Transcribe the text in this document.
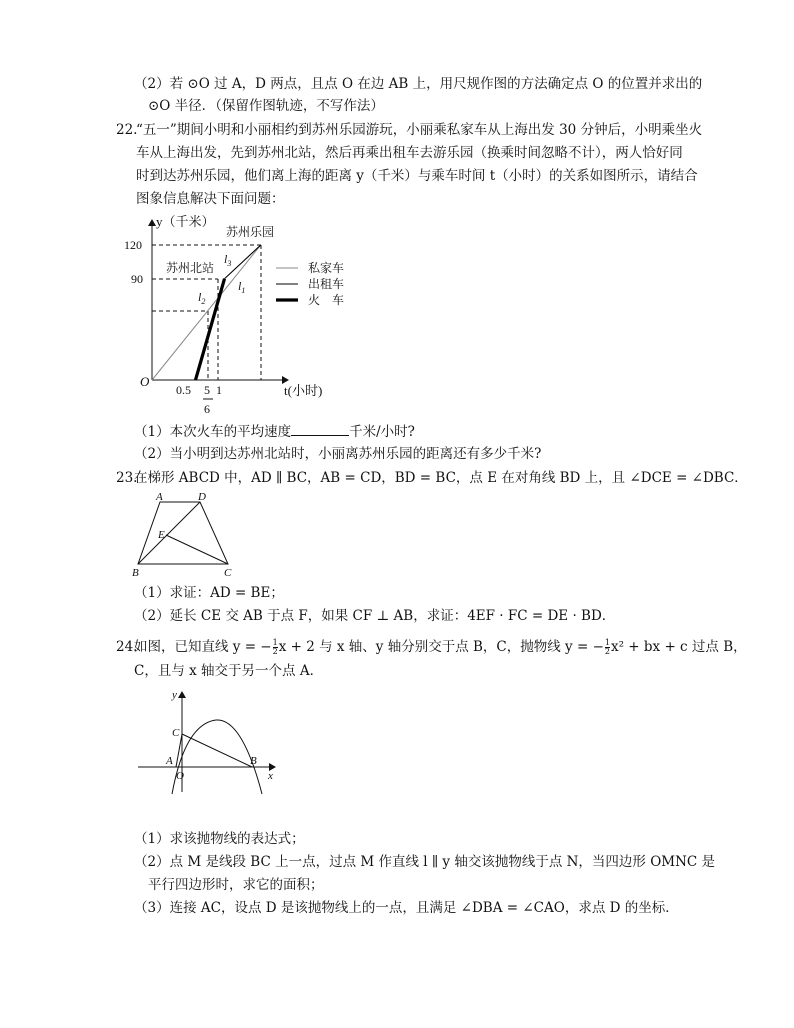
（2）若 ⊙O 过 A，D 两点，且点 O 在边 AB 上，用尺规作图的方法确定点 O 的位置并求出的
⊙O 半径．（保留作图轨迹，不写作法）
22.
“五一”期间小明和小丽相约到苏州乐园游玩，小丽乘私家车从上海出发 30 分钟后，小明乘坐火
车从上海出发，先到苏州北站，然后再乘出租车去游乐园（换乘时间忽略不计），两人恰好同
时到达苏州乐园，他们离上海的距离 y（千米）与乘车时间 t（小时）的关系如图所示，请结合
图象信息解决下面问题：
y（千米）
t(小时)
O
120
90
0.5 5
6
1
苏州乐园
苏州北站
$l_3$
$l_2$
$l_1$
私家车
出租车
火　车
（1）本次火车的平均速度	千米/小时?
（2）当小明到达苏州北站时，小丽离苏州乐园的距离还有多少千米?
23.
在梯形 ABCD 中，AD ∥ BC，AB = CD，BD = BC，点 E 在对角线 BD 上，且 ∠DCE = ∠DBC．
A	D
E
B	C
（1）求证：AD = BE；
（2）延长 CE 交 AB 于点 F，如果 CF ⊥ AB，求证：4EF · FC = DE · BD．
24.
如图，已知直线 y = − $\frac{1}{2}$ x + 2 与 x 轴、y 轴分别交于点 B，C，抛物线 y = − $\frac{1}{2} x^2$ + bx + c 过点 B，
C，且与 x 轴交于另一个点 A．
y
x
C
A
O
B
（1）求该抛物线的表达式；
（2）点 M 是线段 BC 上一点，过点 M 作直线 l ∥ y 轴交该抛物线于点 N，当四边形 OMNC 是
平行四边形时，求它的面积；
（3）连接 AC，设点 D 是该抛物线上的一点，且满足 ∠DBA = ∠CAO，求点 D 的坐标．
